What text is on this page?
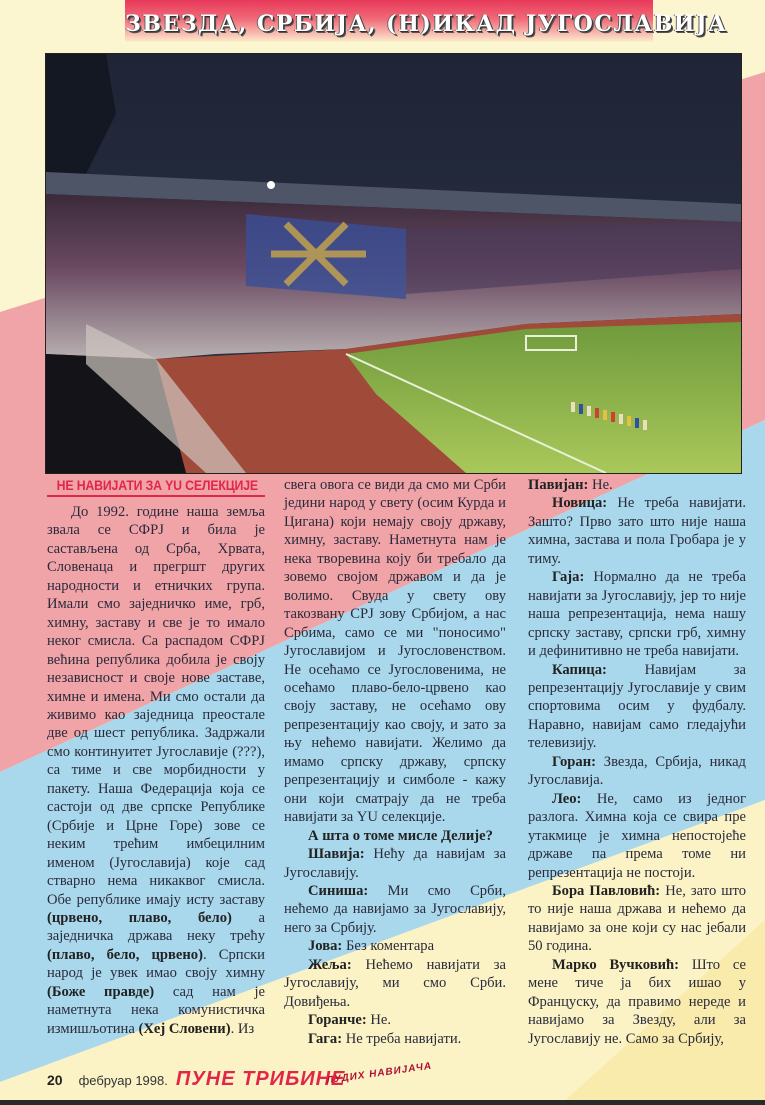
ЗВЕЗДА, СРБИЈА, (Н)ИКАД ЈУГОСЛАВИЈА
НЕ НАВИЈАТИ ЗА YU СЕЛЕКЦИЈЕ

До 1992. године наша земља звала се СФРЈ и била је састављена од Срба, Хрвата, Словенаца и прегршт других народности и етничких група. Имали смо заједничко име, грб, химну, заставу и све је то имало неког смисла. Са распадом СФРЈ већина република добила је своју независност и своје нове заставе, химне и имена. Ми смо остали да живимо као заједница преостале две од шест република. Задржали смо континуитет Југославије (???), са тиме и све морбидности у пакету. Наша Федерација која се састоји од две српске Републике (Србије и Црне Горе) зове се неким трећим имбецилним именом (Југославија) које сад стварно нема никаквог смисла. Обе републике имају исту заставу (црвено, плаво, бело) а заједничка држава неку трећу (плаво, бело, црвено). Српски народ је увек имао своју химну (Боже правде) сад нам је наметнута нека комунистичка измишљотина (Хеј Словени). Из

свега овога се види да смо ми Срби једини народ у свету (осим Курда и Цигана) који немају своју државу, химну, заставу. Наметнута нам је нека творевина коју би требало да зовемо својом државом и да је волимо. Свуда у свету ову такозвану СРЈ зову Србијом, а нас Србима, само се ми "поносимо" Југославијом и Југословенством. Не осећамо се Југословенима, не осећамо плаво-бело-црвено као своју заставу, не осећамо ову репрезентацију као своју, и зато за њу нећемо навијати. Желимо да имамо српску државу, српску репрезентацију и симболе - кажу они који сматрају да не треба навијати за YU селекције.

А шта о томе мисле Делије?

Шавија: Нећу да навијам за Југославију.

Синиша: Ми смо Срби, нећемо да навијамо за Југославију, него за Србију.

Јова: Без коментара

Жеља: Нећемо навијати за Југославију, ми смо Срби. Довиђења.

Горанче: Не.

Гага: Не треба навијати.

Павијан: Не.

Новица: Не треба навијати. Зашто? Прво зато што није наша химна, застава и пола Гробара је у тиму.

Гаја: Нормално да не треба навијати за Југославију, јер то није наша репрезентација, нема нашу српску заставу, српски грб, химну и дефинитивно не треба навијати.

Капица:	Навијам за репрезентацију Југославије у свим спортовима осим у фудбалу. Наравно, навијам само гледајући телевизију.

Горан: Звезда, Србија, никад Југославија.

Лео: Не, само из једног разлога. Химна која се свира пре утакмице је химна непостојеће државе па према томе ни репрезентација не постоји.

Бора Павловић: Не, зато што то није наша држава и нећемо да навијамо за оне који су нас јебали 50 година.

Марко Вучковић: Што се мене тиче ја бих ишао у Француску, да правимо нереде и навијамо за Звезду, али за Југославију не. Само за Србију,

20 фебруар 1998. ПУНЕ ТРИБИНЕ
ЛУДИХ НАВИЈАЧА
